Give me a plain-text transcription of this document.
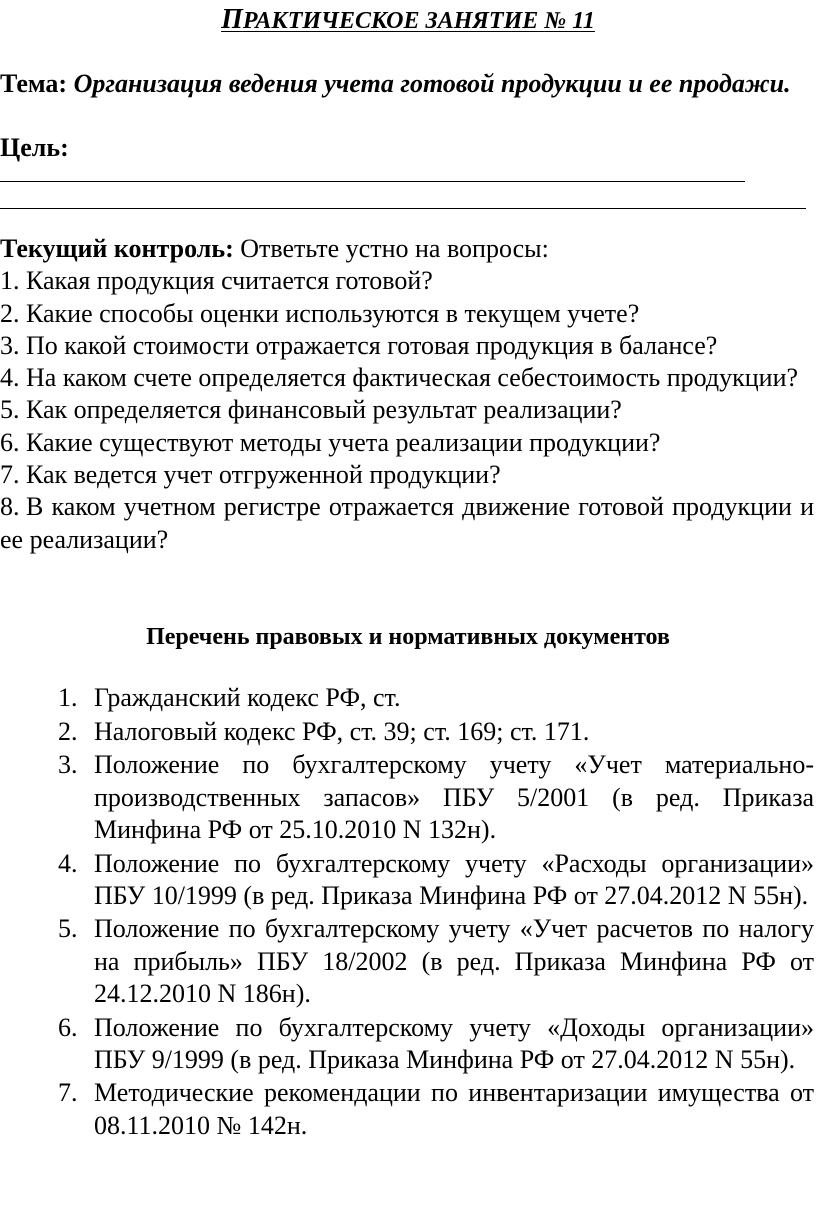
ПРАКТИЧЕСКОЕ ЗАНЯТИЕ № 11
Тема: Организация ведения учета готовой продукции и ее продажи.
Цель:
Текущий контроль: Ответьте устно на вопросы:
1. Какая продукция считается готовой?
2. Какие способы оценки используются в текущем учете?
3. По какой стоимости отражается готовая продукция в балансе?
4. На каком счете определяется фактическая себестоимость продукции?
5. Как определяется финансовый результат реализации?
6. Какие существуют методы учета реализации продукции?
7. Как ведется учет отгруженной продукции?
8. В каком учетном регистре отражается движение готовой продукции и ее реализации?
Перечень правовых и нормативных документов
1. Гражданский кодекс РФ, ст.
2. Налоговый кодекс РФ, ст. 39; ст. 169; ст. 171.
3. Положение по бухгалтерскому учету «Учет материально-производственных запасов» ПБУ 5/2001 (в ред. Приказа Минфина РФ от 25.10.2010 N 132н).
4. Положение по бухгалтерскому учету «Расходы организации» ПБУ 10/1999 (в ред. Приказа Минфина РФ от 27.04.2012 N 55н).
5. Положение по бухгалтерскому учету «Учет расчетов по налогу на прибыль» ПБУ 18/2002 (в ред. Приказа Минфина РФ от 24.12.2010 N 186н).
6. Положение по бухгалтерскому учету «Доходы организации» ПБУ 9/1999 (в ред. Приказа Минфина РФ от 27.04.2012 N 55н).
7. Методические рекомендации по инвентаризации имущества от 08.11.2010 № 142н.
